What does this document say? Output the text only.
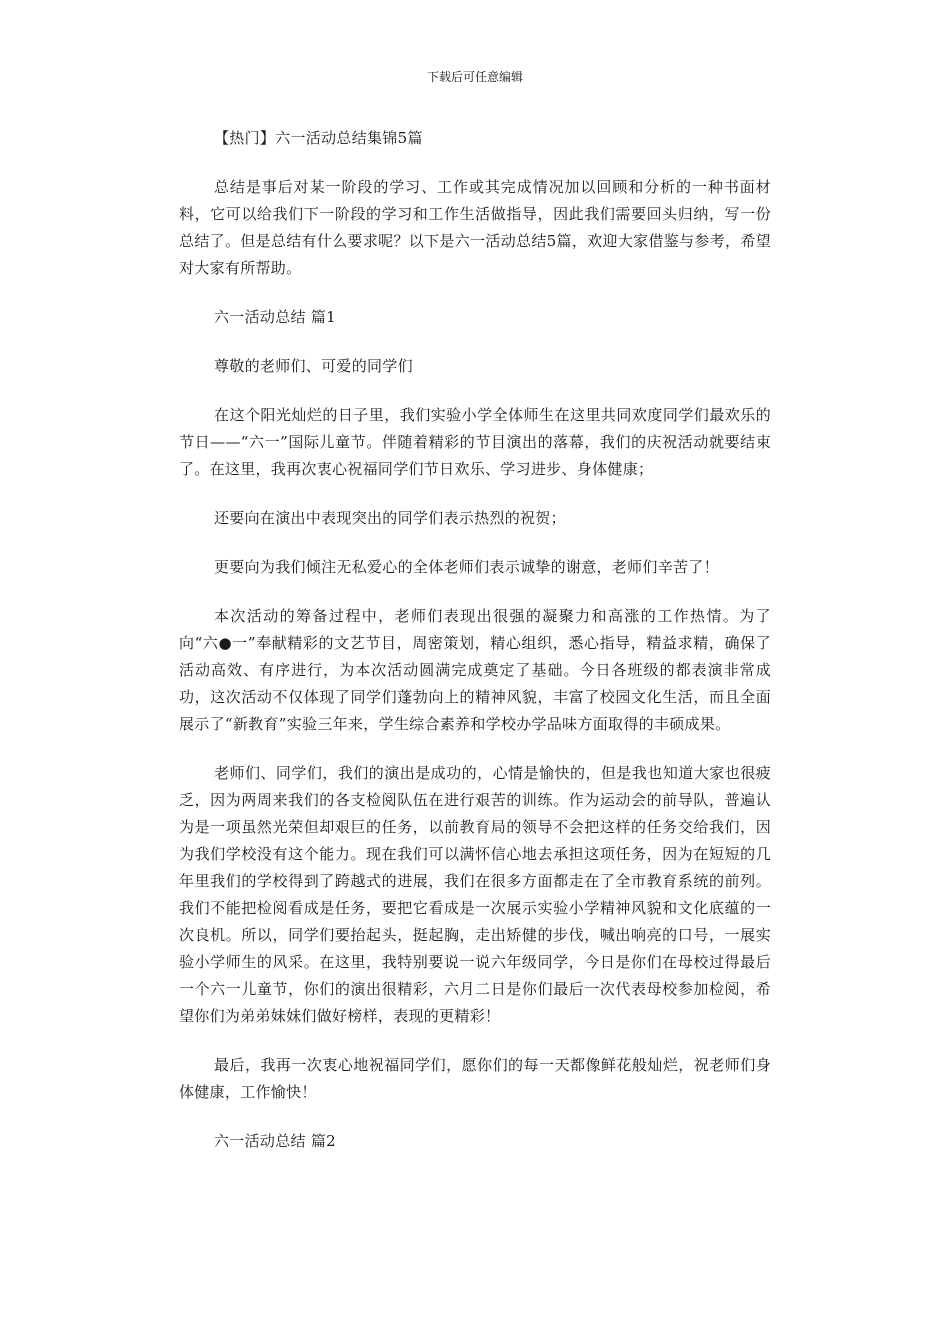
下载后可任意编辑

【热门】六一活动总结集锦5篇

总结是事后对某一阶段的学习、工作或其完成情况加以回顾和分析的一种书面材料，它可以给我们下一阶段的学习和工作生活做指导，因此我们需要回头归纳，写一份总结了。但是总结有什么要求呢？以下是六一活动总结5篇，欢迎大家借鉴与参考，希望对大家有所帮助。

六一活动总结 篇1

尊敬的老师们、可爱的同学们

在这个阳光灿烂的日子里，我们实验小学全体师生在这里共同欢度同学们最欢乐的节日——“六一”国际儿童节。伴随着精彩的节目演出的落幕，我们的庆祝活动就要结束了。在这里，我再次衷心祝福同学们节日欢乐、学习进步、身体健康；

还要向在演出中表现突出的同学们表示热烈的祝贺；

更要向为我们倾注无私爱心的全体老师们表示诚挚的谢意，老师们辛苦了！

本次活动的筹备过程中，老师们表现出很强的凝聚力和高涨的工作热情。为了向“六●一”奉献精彩的文艺节目，周密策划，精心组织，悉心指导，精益求精，确保了活动高效、有序进行，为本次活动圆满完成奠定了基础。今日各班级的都表演非常成功，这次活动不仅体现了同学们蓬勃向上的精神风貌，丰富了校园文化生活，而且全面展示了“新教育”实验三年来，学生综合素养和学校办学品味方面取得的丰硕成果。

老师们、同学们，我们的演出是成功的，心情是愉快的，但是我也知道大家也很疲乏，因为两周来我们的各支检阅队伍在进行艰苦的训练。作为运动会的前导队，普遍认为是一项虽然光荣但却艰巨的任务，以前教育局的领导不会把这样的任务交给我们，因为我们学校没有这个能力。现在我们可以满怀信心地去承担这项任务，因为在短短的几年里我们的学校得到了跨越式的进展，我们在很多方面都走在了全市教育系统的前列。我们不能把检阅看成是任务，要把它看成是一次展示实验小学精神风貌和文化底蕴的一次良机。所以，同学们要抬起头，挺起胸，走出矫健的步伐，喊出响亮的口号，一展实验小学师生的风采。在这里，我特别要说一说六年级同学，今日是你们在母校过得最后一个六一儿童节，你们的演出很精彩，六月二日是你们最后一次代表母校参加检阅，希望你们为弟弟妹妹们做好榜样，表现的更精彩！

最后，我再一次衷心地祝福同学们，愿你们的每一天都像鲜花般灿烂，祝老师们身体健康，工作愉快！

六一活动总结 篇2
